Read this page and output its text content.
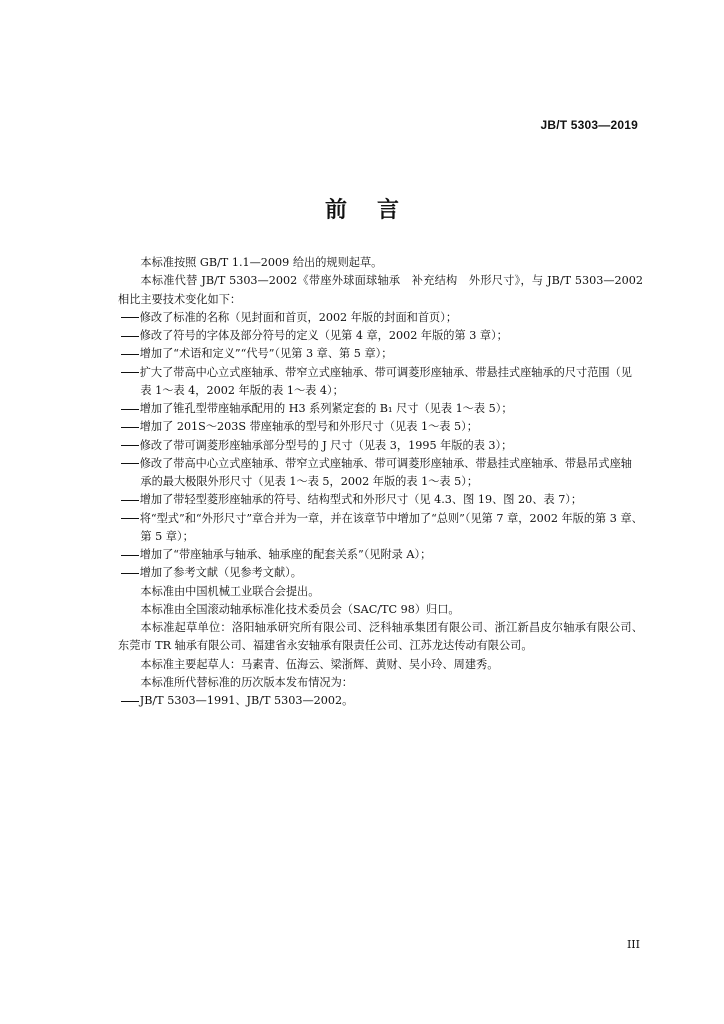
JB/T 5303—2019
前言

本标准按照 GB/T 1.1—2009 给出的规则起草。

本标准代替 JB/T 5303—2002《带座外球面球轴承　补充结构　外形尺寸》，与 JB/T 5303—2002 相比主要技术变化如下：

修改了标准的名称（见封面和首页，2002 年版的封面和首页）；
修改了符号的字体及部分符号的定义（见第 4 章，2002 年版的第 3 章）；
增加了“术语和定义”“代号”（见第 3 章、第 5 章）；
扩大了带高中心立式座轴承、带窄立式座轴承、带可调菱形座轴承、带悬挂式座轴承的尺寸范围（见表 1～表 4，2002 年版的表 1～表 4）；
增加了锥孔型带座轴承配用的 H3 系列紧定套的 B₁ 尺寸（见表 1～表 5）；
增加了 201S～203S 带座轴承的型号和外形尺寸（见表 1～表 5）；
修改了带可调菱形座轴承部分型号的 J 尺寸（见表 3，1995 年版的表 3）；
修改了带高中心立式座轴承、带窄立式座轴承、带可调菱形座轴承、带悬挂式座轴承、带悬吊式座轴承的最大极限外形尺寸（见表 1～表 5，2002 年版的表 1～表 5）；
增加了带轻型菱形座轴承的符号、结构型式和外形尺寸（见 4.3、图 19、图 20、表 7）；
将“型式”和“外形尺寸”章合并为一章，并在该章节中增加了“总则”（见第 7 章，2002 年版的第 3 章、第 5 章）；
增加了“带座轴承与轴承、轴承座的配套关系”（见附录 A）；
增加了参考文献（见参考文献）。

本标准由中国机械工业联合会提出。

本标准由全国滚动轴承标准化技术委员会（SAC/TC 98）归口。

本标准起草单位：洛阳轴承研究所有限公司、泛科轴承集团有限公司、浙江新昌皮尔轴承有限公司、东莞市 TR 轴承有限公司、福建省永安轴承有限责任公司、江苏龙达传动有限公司。

本标准主要起草人：马素青、伍海云、梁浙辉、黄财、吴小玲、周建秀。

本标准所代替标准的历次版本发布情况为：

JB/T 5303—1991、JB/T 5303—2002。
III
